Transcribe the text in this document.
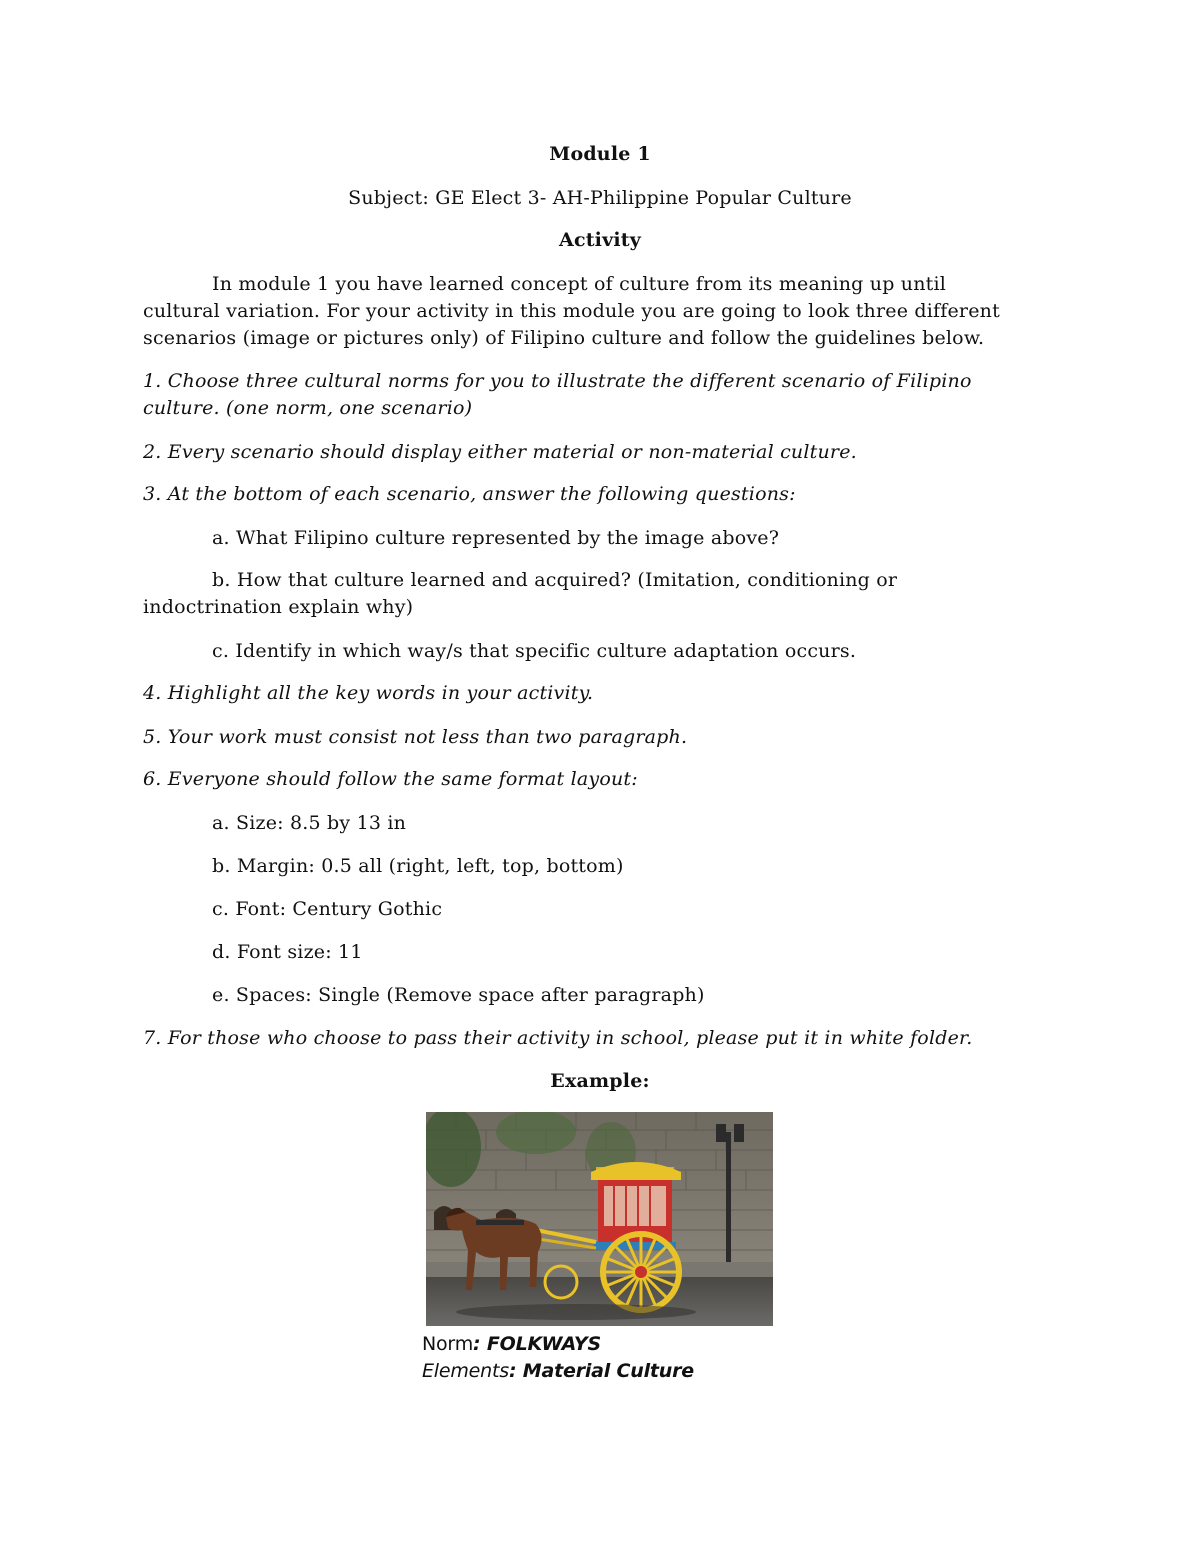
Module 1
Subject: GE Elect 3- AH-Philippine Popular Culture
Activity
In module 1 you have learned concept of culture from its meaning up until
cultural variation. For your activity in this module you are going to look three different
scenarios (image or pictures only) of Filipino culture and follow the guidelines below.
1. Choose three cultural norms for you to illustrate the different scenario of Filipino
culture. (one norm, one scenario)
2. Every scenario should display either material or non-material culture.
3. At the bottom of each scenario, answer the following questions:
a. What Filipino culture represented by the image above?
b. How that culture learned and acquired? (Imitation, conditioning or
indoctrination explain why)
c. Identify in which way/s that specific culture adaptation occurs.
4. Highlight all the key words in your activity.
5. Your work must consist not less than two paragraph.
6. Everyone should follow the same format layout:
a. Size: 8.5 by 13 in
b. Margin: 0.5 all (right, left, top, bottom)
c. Font: Century Gothic
d. Font size: 11
e. Spaces: Single (Remove space after paragraph)
7. For those who choose to pass their activity in school, please put it in white folder.
Example:
Norm: FOLKWAYS
Elements: Material Culture
